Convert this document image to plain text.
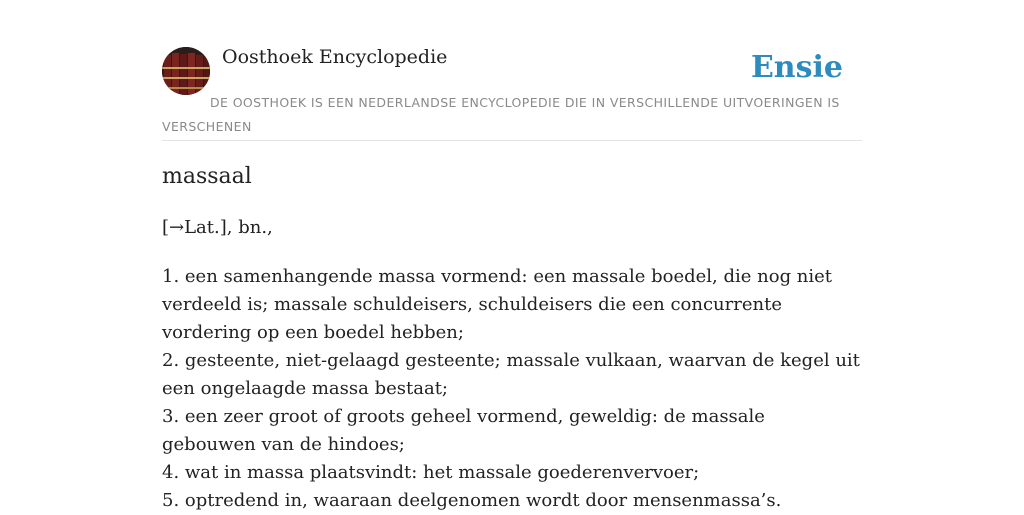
Oosthoek Encyclopedie	Ensie
DE OOSTHOEK IS EEN NEDERLANDSE ENCYCLOPEDIE DIE IN VERSCHILLENDE UITVOERINGEN IS VERSCHENEN
massaal
[→Lat.], bn.,
1. een samenhangende massa vormend: een massale boedel, die nog niet verdeeld is; massale schuldeisers, schuldeisers die een concurrente vordering op een boedel hebben;
2. gesteente, niet-gelaagd gesteente; massale vulkaan, waarvan de kegel uit een ongelaagde massa bestaat;
3. een zeer groot of groots geheel vormend, geweldig: de massale gebouwen van de hindoes;
4. wat in massa plaatsvindt: het massale goederenvervoer;
5. optredend in, waaraan deelgenomen wordt door mensenmassa’s.
